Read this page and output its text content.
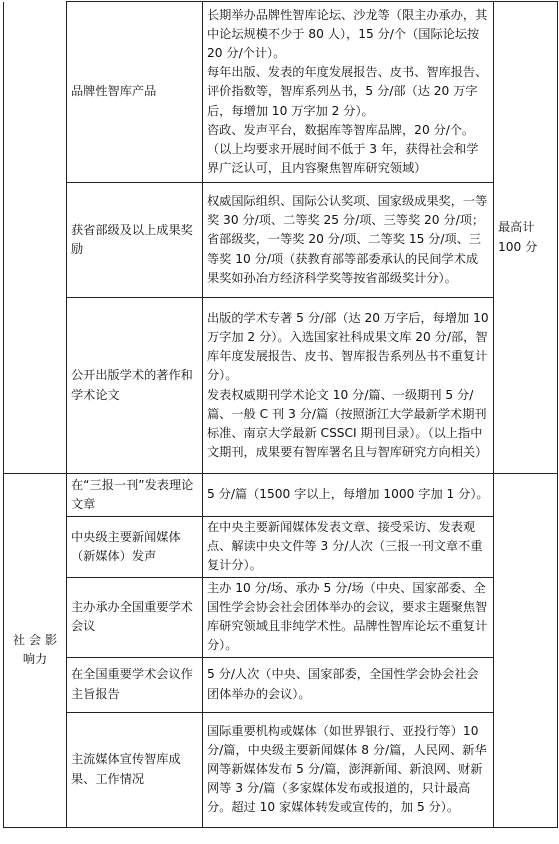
	品牌性智库产品	长期举办品牌性智库论坛、沙龙等（限主办承办，其中论坛规模不少于 80 人），15 分/个（国际论坛按 20 分/个计）。
每年出版、发表的年度发展报告、皮书、智库报告、评价指数等，智库系列丛书，5 分/部（达 20 万字后，每增加 10 万字加 2 分）。
咨政、发声平台，数据库等智库品牌，20 分/个。（以上均要求开展时间不低于 3 年，获得社会和学界广泛认可，且内容聚焦智库研究领域）	最高计 100 分
	获省部级及以上成果奖励	权威国际组织、国际公认奖项、国家级成果奖，一等奖 30 分/项、二等奖 25 分/项、三等奖 20 分/项；省部级奖，一等奖 20 分/项、二等奖 15 分/项、三等奖 10 分/项（获教育部等部委承认的民间学术成果奖如孙冶方经济科学奖等按省部级奖计分）。	

	公开出版学术的著作和学术论文	出版的学术专著 5 分/部（达 20 万字后，每增加 10 万字加 2 分）。入选国家社科成果文库 20 分/部，智库年度发展报告、皮书、智库报告系列丛书不重复计分）。
发表权威期刊学术论文 10 分/篇、一级期刊 5 分/篇、一般 C 刊 3 分/篇（按照浙江大学最新学术期刊标准、南京大学最新 CSSCI 期刊目录）。（以上指中文期刊，成果要有智库署名且与智库研究方向相关）	

社 会 影响力	在“三报一刊”发表理论文章	5 分/篇（1500 字以上，每增加 1000 字加 1 分）。	

	中央级主要新闻媒体（新媒体）发声	在中央主要新闻媒体发表文章、接受采访、发表观点、解读中央文件等 3 分/人次（三报一刊文章不重复计分）。	

	主办承办全国重要学术会议	主办 10 分/场、承办 5 分/场（中央、国家部委、全国性学会协会社会团体举办的会议，要求主题聚焦智库研究领域且非纯学术性。品牌性智库论坛不重复计分）。	

	在全国重要学术会议作主旨报告	5 分/人次（中央、国家部委，全国性学会协会社会团体举办的会议）。	

	主流媒体宣传智库成果、工作情况	国际重要机构或媒体（如世界银行、亚投行等）10 分/篇，中央级主要新闻媒体 8 分/篇，人民网、新华网等新媒体发布 5 分/篇，澎湃新闻、新浪网、财新网等 3 分/篇（多家媒体发布或报道的，只计最高分。超过 10 家媒体转发或宣传的，加 5 分）。	
